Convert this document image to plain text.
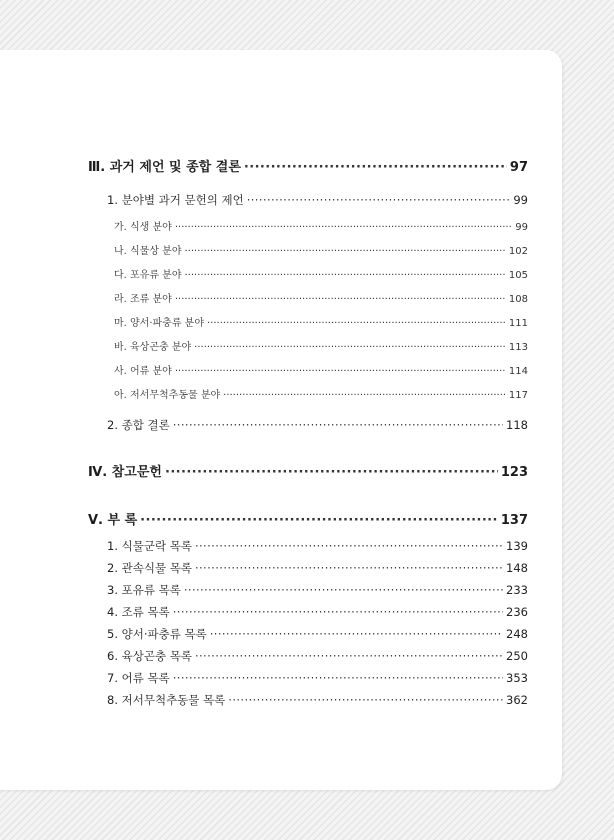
Ⅲ. 과거 제언 및 종합 결론 ·····	97
1. 분야별 과거 문헌의 제언 ·····	99
가. 식생 분야 ·····	99
나. 식물상 분야 ·····	102
다. 포유류 분야 ·····	105
라. 조류 분야 ·····	108
마. 양서·파충류 분야 ·····	111
바. 육상곤충 분야 ·····	113
사. 어류 분야 ·····	114
아. 저서무척추동물 분야 ·····	117
2. 종합 결론 ·····	118
Ⅳ. 참고문헌 ·····	123
Ⅴ. 부 록 ·····	137
1. 식물군락 목록 ·····	139
2. 관속식물 목록 ·····	148
3. 포유류 목록 ·····	233
4. 조류 목록 ·····	236
5. 양서·파충류 목록 ·····	248
6. 육상곤충 목록 ·····	250
7. 어류 목록 ·····	353
8. 저서무척추동물 목록 ·····	362
